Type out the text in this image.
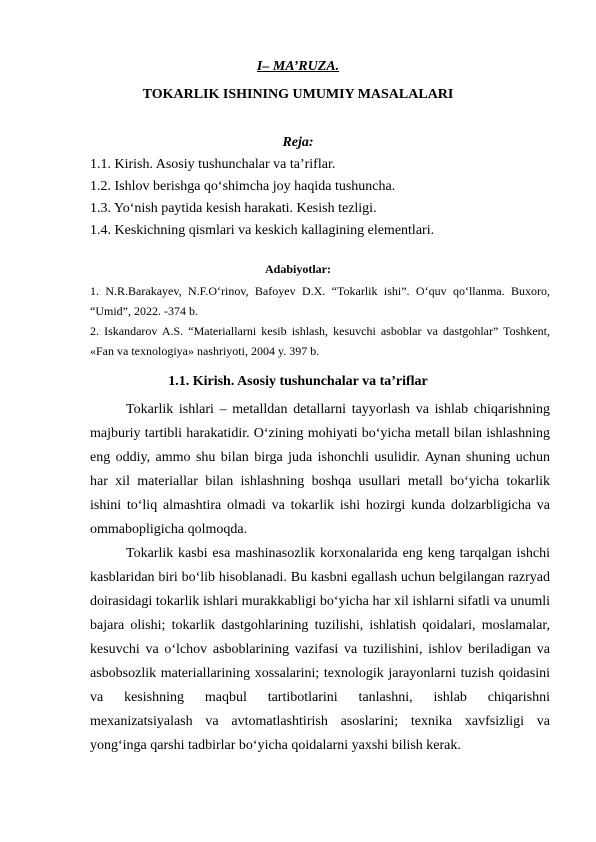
I– MA’RUZA.
TOKARLIK ISHINING UMUMIY MASALALARI
Reja:
1.1. Kirish. Asosiy tushunchalar va ta’riflar.
1.2. Ishlov berishga qo‘shimcha joy haqida tushuncha.
1.3. Yo‘nish paytida kesish harakati. Kesish tezligi.
1.4. Keskichning qismlari va keskich kallagining elementlari.
Adabiyotlar:

1. N.R.Barakayev, N.F.O‘rinov, Bafoyev D.X. “Tokarlik ishi”. O‘quv qo‘llanma. Buxoro, “Umid”, 2022. -374 b.

2. Iskandarov A.S. “Materiallarni kesib ishlash, kesuvchi asboblar va dastgohlar” Toshkent, «Fan va texnologiya» nashriyoti, 2004 y. 397 b.

1.1. Kirish. Asosiy tushunchalar va ta’riflar

Tokarlik ishlari – metalldan detallarni tayyorlash va ishlab chiqarishning majburiy tartibli harakatidir. O‘zining mohiyati bo‘yicha metall bilan ishlashning eng oddiy, ammo shu bilan birga juda ishonchli usulidir. Aynan shuning uchun har xil materiallar bilan ishlashning boshqa usullari metall bo‘yicha tokarlik ishini to‘liq almashtira olmadi va tokarlik ishi hozirgi kunda dolzarbligicha va ommabopligicha qolmoqda.

Tokarlik kasbi esa mashinasozlik korxonalarida eng keng tarqalgan ishchi kasblaridan biri bo‘lib hisoblanadi. Bu kasbni egallash uchun belgilangan razryad doirasidagi tokarlik ishlari murakkabligi bo‘yicha har xil ishlarni sifatli va unumli bajara olishi; tokarlik dastgohlarining tuzilishi, ishlatish qoidalari, moslamalar, kesuvchi va o‘lchov asboblarining vazifasi va tuzilishini, ishlov beriladigan va asbobsozlik materiallarining xossalarini; texnologik jarayonlarni tuzish qoidasini va kesishning maqbul tartibotlarini tanlashni, ishlab chiqarishni mexanizatsiyalash va avtomatlashtirish asoslarini; texnika xavfsizligi va yong‘inga qarshi tadbirlar bo‘yicha qoidalarni yaxshi bilish kerak.
